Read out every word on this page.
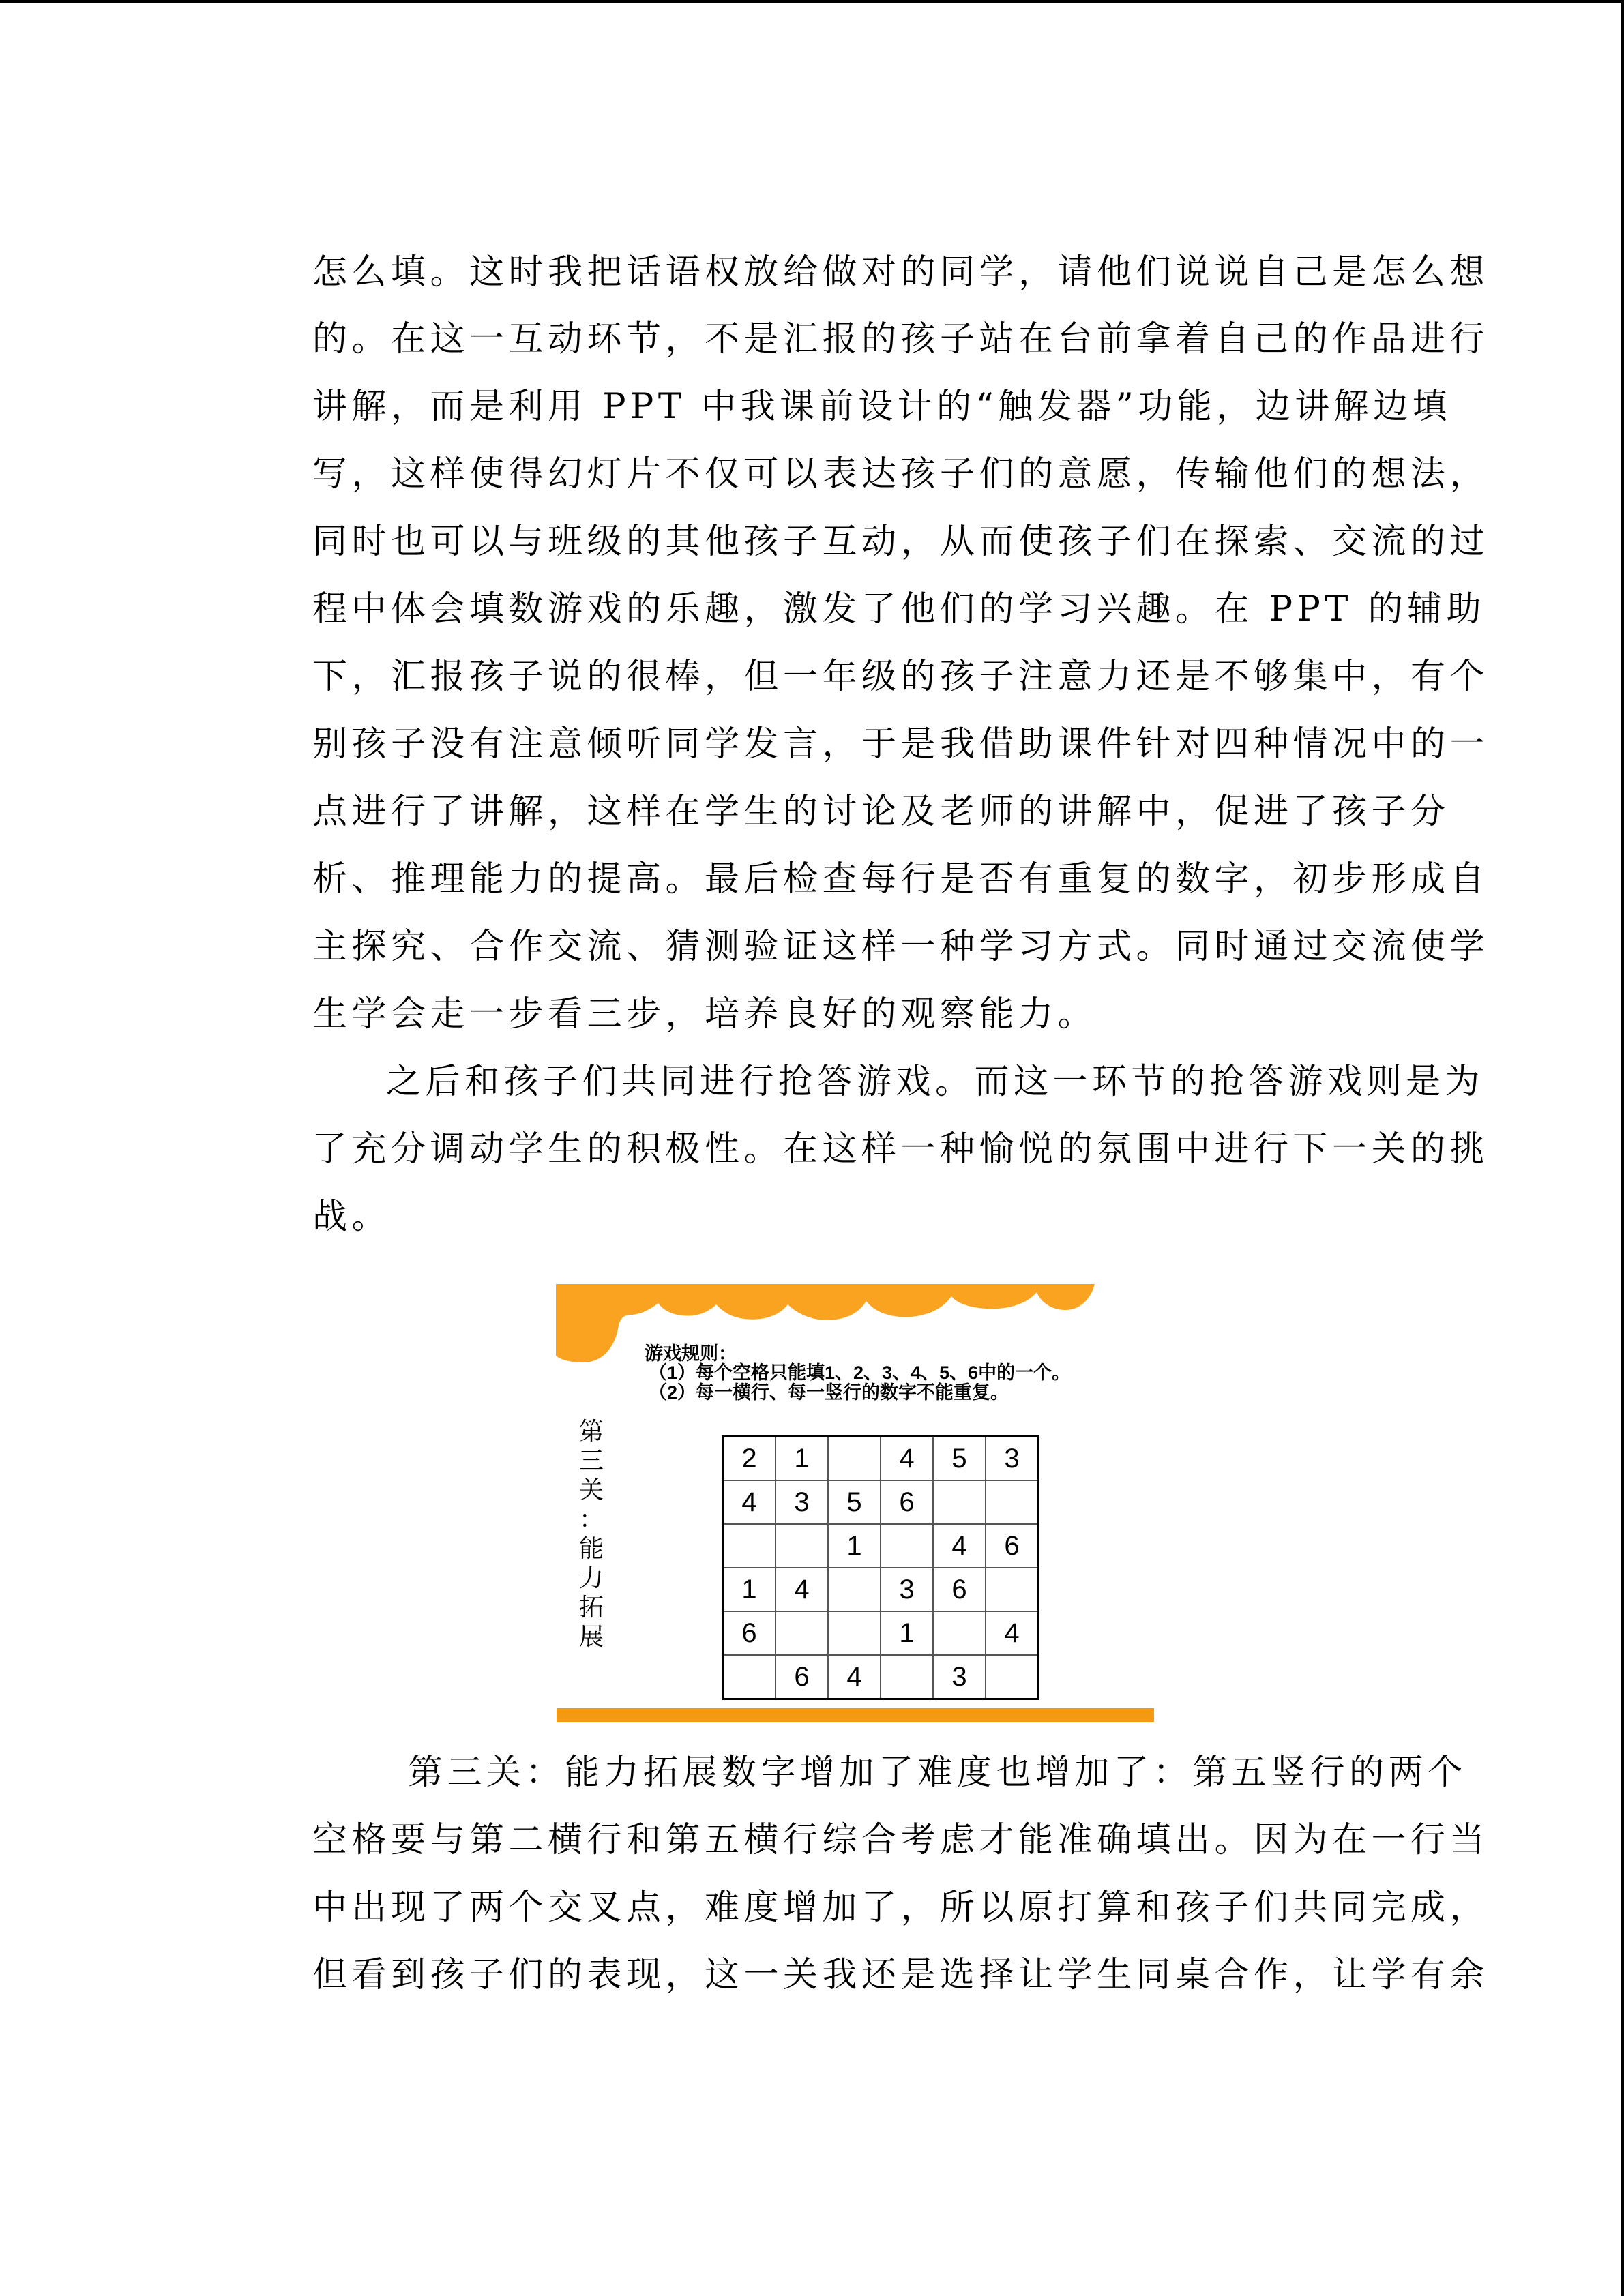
怎么填。这时我把话语权放给做对的同学，请他们说说自己是怎么想
的。在这一互动环节，不是汇报的孩子站在台前拿着自己的作品进行
讲解，而是利用 PPT 中我课前设计的“触发器”功能，边讲解边填
写，这样使得幻灯片不仅可以表达孩子们的意愿，传输他们的想法，
同时也可以与班级的其他孩子互动，从而使孩子们在探索、交流的过
程中体会填数游戏的乐趣，激发了他们的学习兴趣。在 PPT 的辅助
下，汇报孩子说的很棒，但一年级的孩子注意力还是不够集中，有个
别孩子没有注意倾听同学发言，于是我借助课件针对四种情况中的一
点进行了讲解，这样在学生的讨论及老师的讲解中，促进了孩子分
析、推理能力的提高。最后检查每行是否有重复的数字，初步形成自
主探究、合作交流、猜测验证这样一种学习方式。同时通过交流使学
生学会走一步看三步，培养良好的观察能力。
之后和孩子们共同进行抢答游戏。而这一环节的抢答游戏则是为
了充分调动学生的积极性。在这样一种愉悦的氛围中进行下一关的挑
战。
游戏规则：
（1）每个空格只能填1、2、3、4、5、6中的一个。
（2）每一横行、每一竖行的数字不能重复。
第
三
关
：
能
力
拓
展
2	1		4	5	3
4	3	5	6		
		1		4	6
1	4		3	6	
6			1		4
	6	4		3	
第三关：能力拓展数字增加了难度也增加了：第五竖行的两个
空格要与第二横行和第五横行综合考虑才能准确填出。因为在一行当
中出现了两个交叉点，难度增加了，所以原打算和孩子们共同完成，
但看到孩子们的表现，这一关我还是选择让学生同桌合作，让学有余
